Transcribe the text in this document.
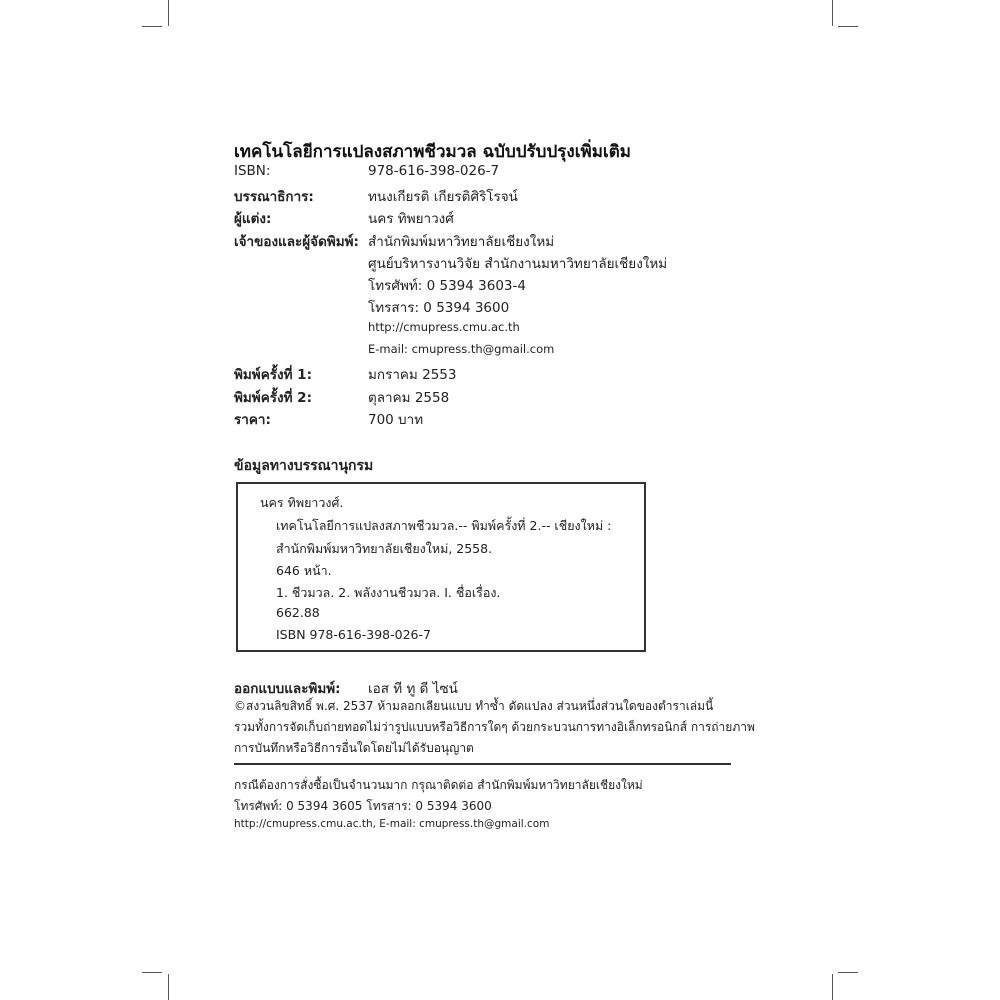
เทคโนโลยีการแปลงสภาพชีวมวล ฉบับปรับปรุงเพิ่มเติม
ISBN:	978-616-398-026-7
บรรณาธิการ:	ทนงเกียรติ เกียรติศิริโรจน์
ผู้แต่ง:	นคร ทิพยาวงศ์
เจ้าของและผู้จัดพิมพ์: สำนักพิมพ์มหาวิทยาลัยเชียงใหม่
ศูนย์บริหารงานวิจัย สำนักงานมหาวิทยาลัยเชียงใหม่
โทรศัพท์: 0 5394 3603-4
โทรสาร: 0 5394 3600
http://cmupress.cmu.ac.th
E-mail: cmupress.th@gmail.com
พิมพ์ครั้งที่ 1:	มกราคม 2553
พิมพ์ครั้งที่ 2:	ตุลาคม 2558
ราคา:	700 บาท
ข้อมูลทางบรรณานุกรม
นคร ทิพยาวงศ์.
เทคโนโลยีการแปลงสภาพชีวมวล.-- พิมพ์ครั้งที่ 2.-- เชียงใหม่ :
สำนักพิมพ์มหาวิทยาลัยเชียงใหม่, 2558.
646 หน้า.
1. ชีวมวล. 2. พลังงานชีวมวล. I. ชื่อเรื่อง.
662.88
ISBN 978-616-398-026-7
ออกแบบและพิมพ์: เอส ที ทู ดี ไซน์
©สงวนลิขสิทธิ์ พ.ศ. 2537 ห้ามลอกเลียนแบบ ทำซ้ำ ดัดแปลง ส่วนหนึ่งส่วนใดของตำราเล่มนี้
รวมทั้งการจัดเก็บถ่ายทอดไม่ว่ารูปแบบหรือวิธีการใดๆ ด้วยกระบวนการทางอิเล็กทรอนิกส์ การถ่ายภาพ
การบันทึกหรือวิธีการอื่นใดโดยไม่ได้รับอนุญาต
กรณีต้องการสั่งซื้อเป็นจำนวนมาก กรุณาติดต่อ สำนักพิมพ์มหาวิทยาลัยเชียงใหม่
โทรศัพท์: 0 5394 3605 โทรสาร: 0 5394 3600
http://cmupress.cmu.ac.th, E-mail: cmupress.th@gmail.com
